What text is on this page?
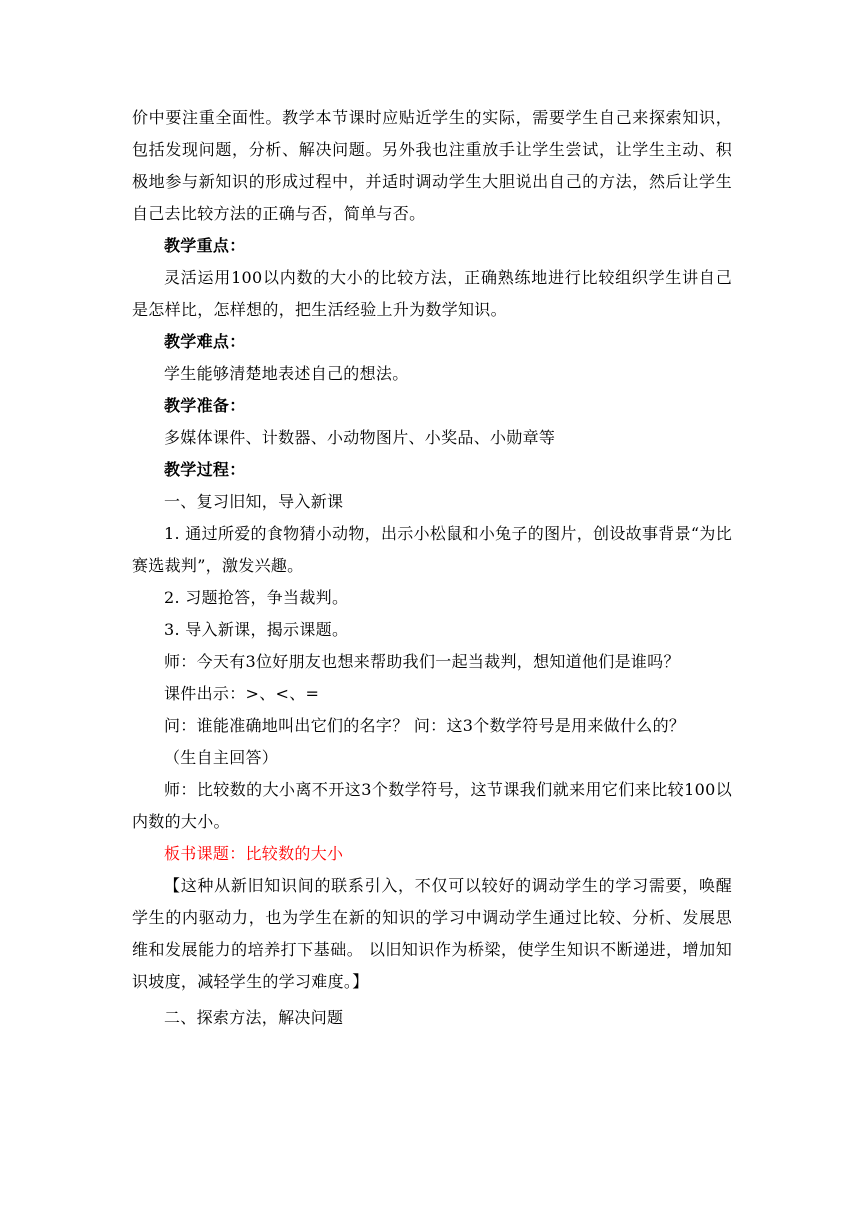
价中要注重全面性。教学本节课时应贴近学生的实际，需要学生自己来探索知识，包括发现问题，分析、解决问题。另外我也注重放手让学生尝试，让学生主动、积极地参与新知识的形成过程中，并适时调动学生大胆说出自己的方法，然后让学生自己去比较方法的正确与否，简单与否。

教学重点：

灵活运用100以内数的大小的比较方法，正确熟练地进行比较组织学生讲自己是怎样比，怎样想的，把生活经验上升为数学知识。

教学难点：

学生能够清楚地表述自己的想法。

教学准备：

多媒体课件、计数器、小动物图片、小奖品、小勋章等

教学过程：

一、复习旧知，导入新课

1. 通过所爱的食物猜小动物，出示小松鼠和小兔子的图片，创设故事背景“为比赛选裁判”，激发兴趣。

2. 习题抢答，争当裁判。

3. 导入新课，揭示课题。

师：今天有3位好朋友也想来帮助我们一起当裁判，想知道他们是谁吗？

课件出示：>、<、=

问：谁能准确地叫出它们的名字？ 问：这3个数学符号是用来做什么的？

（生自主回答）

师：比较数的大小离不开这3个数学符号，这节课我们就来用它们来比较100以内数的大小。

板书课题：比较数的大小

【这种从新旧知识间的联系引入，不仅可以较好的调动学生的学习需要，唤醒学生的内驱动力，也为学生在新的知识的学习中调动学生通过比较、分析、发展思维和发展能力的培养打下基础。 以旧知识作为桥梁，使学生知识不断递进，增加知识坡度，减轻学生的学习难度。】

二、探索方法，解决问题
